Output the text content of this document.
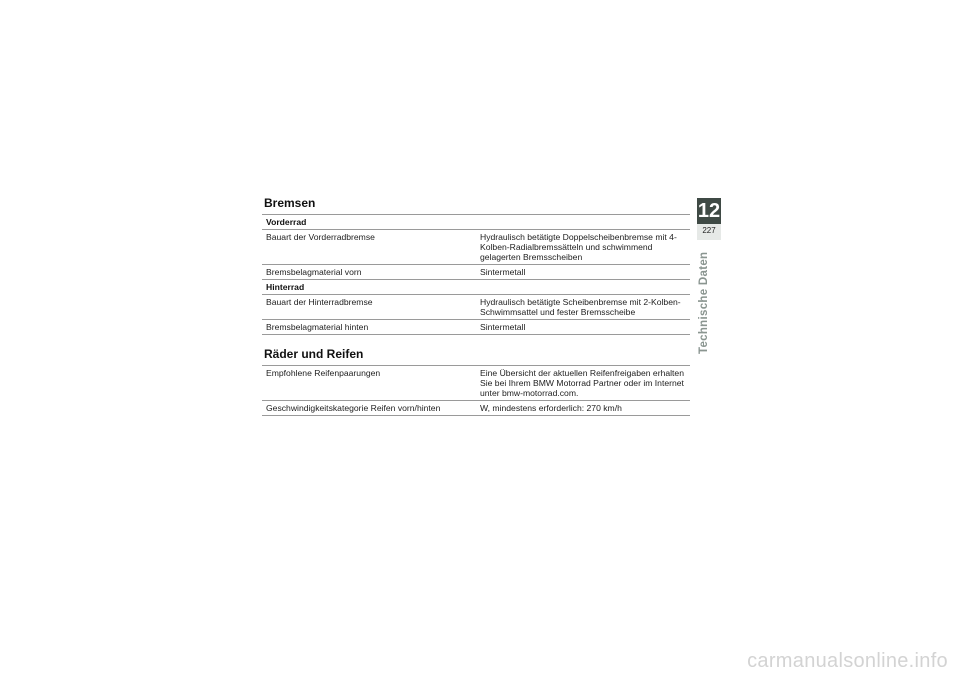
Bremsen
Vorderrad	
Bauart der Vorderradbremse	Hydraulisch betätigte Doppelscheibenbremse mit 4-Kolben-Radialbremssätteln und schwimmend gelagerten Bremsscheiben
Bremsbelagmaterial vorn	Sintermetall
Hinterrad	
Bauart der Hinterradbremse	Hydraulisch betätigte Scheibenbremse mit 2-Kolben-Schwimmsattel und fester Bremsscheibe
Bremsbelagmaterial hinten	Sintermetall
Räder und Reifen
Empfohlene Reifenpaarungen	Eine Übersicht der aktuellen Reifenfreigaben erhalten Sie bei Ihrem BMW Motorrad Partner oder im Internet unter bmw-motorrad.com.
Geschwindigkeitskategorie Reifen vorn/hinten	W, mindestens erforderlich: 270 km/h
12
227
Technische Daten
carmanualsonline.info
